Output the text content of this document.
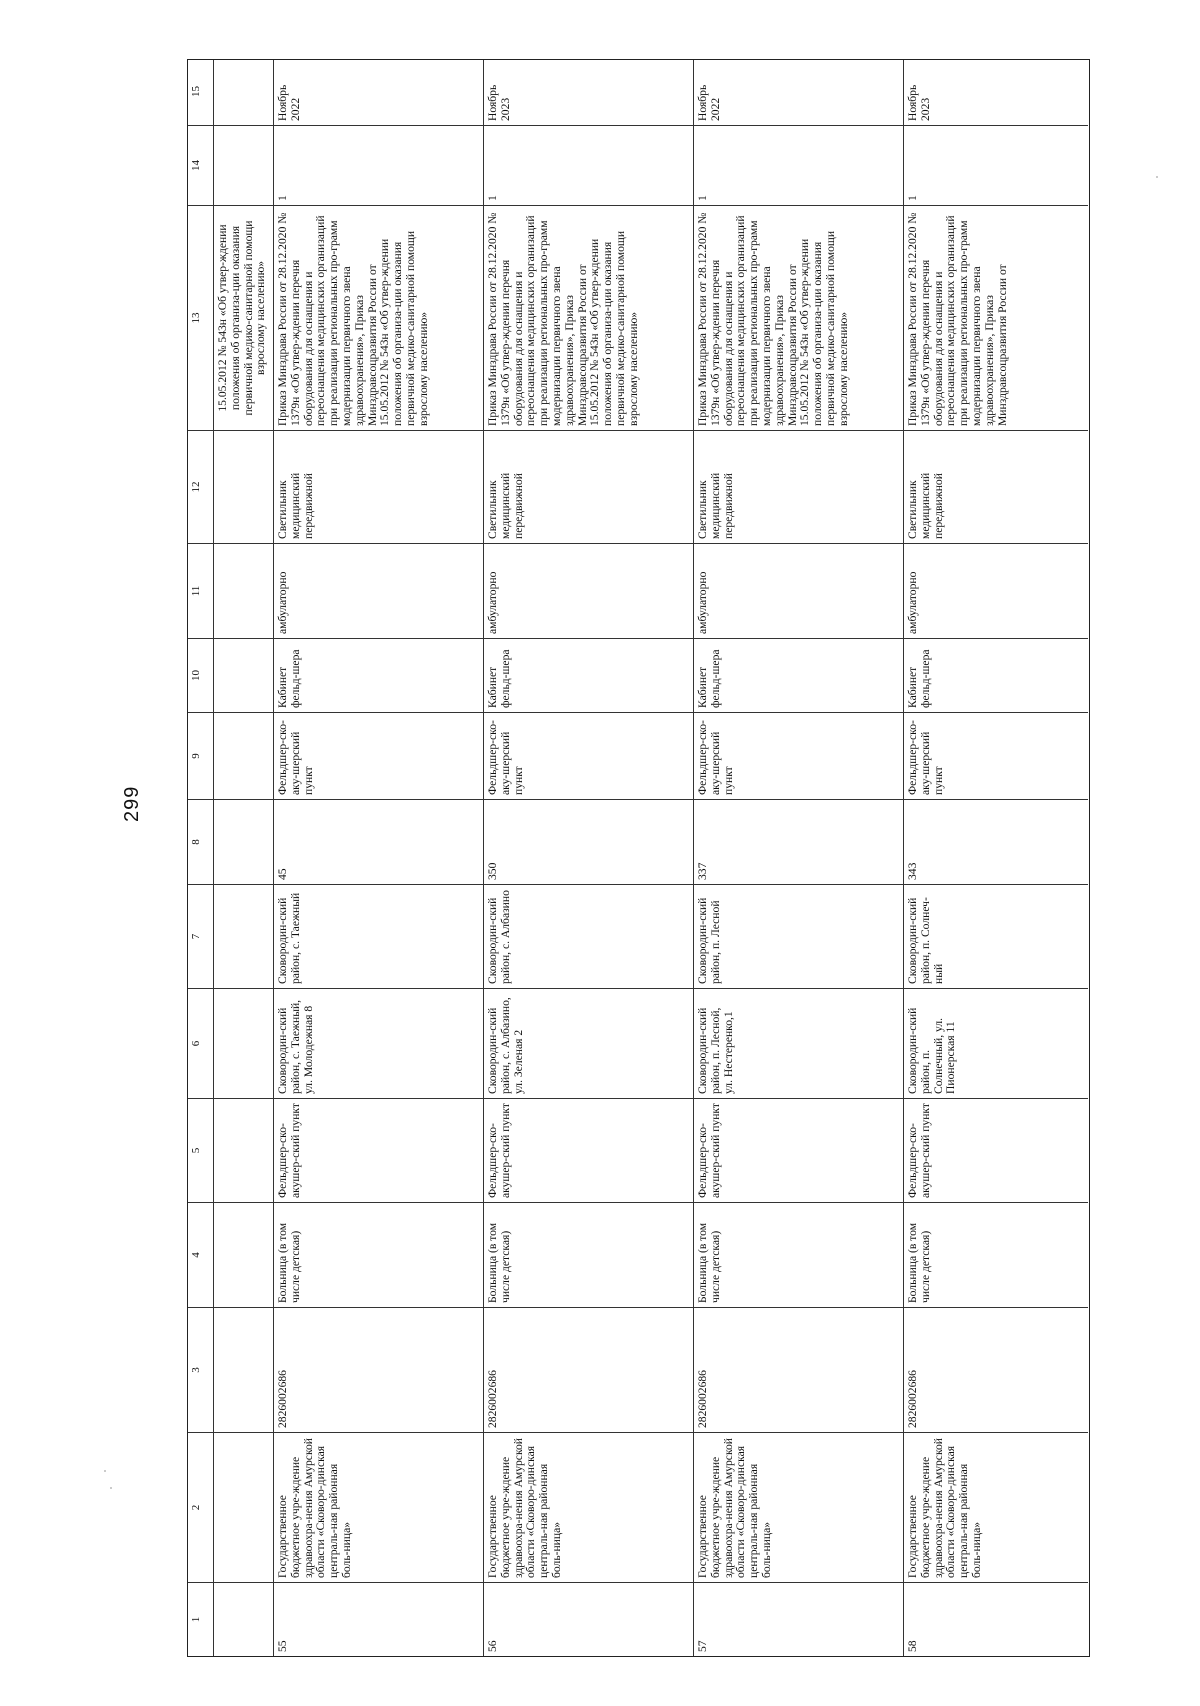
299
1
2
3
4
5
6
7
8
9
10
11
12
13
14
15
15.05.2012 № 543н «Об утвер-ждении положения об организа-ции оказания первичной медико-санитарной помощи взрослому населению»
55
Государственное бюджетное учре-ждение здравоохра-нения Амурской области «Сковоро-динская централь-ная районная боль-ница»
2826002686
Больница (в том числе детская)
Фельдшер-ско-акушер-ский пункт
Сковородин-ский район, с. Таежный, ул. Молодежная 8
Сковородин-ский район, с. Таежный
45
Фельдшер-ско-аку-шерский пункт
Кабинет фельд-шера
амбулаторно
Светильник медицинский передвижной
Приказ Минздрава России от 28.12.2020 № 1379н «Об утвер-ждении перечня оборудования для оснащения и переоснащения медицинских организаций при реализации региональных про-грамм модернизации первичного звена здравоохранения», Приказ Минздравсоцразвития России от 15.05.2012 № 543н «Об утвер-ждении положения об организа-ции оказания первичной медико-санитарной помощи взрослому населению»
1
Ноябрь 2022
56
Государственное бюджетное учре-ждение здравоохра-нения Амурской области «Сковоро-динская централь-ная районная боль-ница»
2826002686
Больница (в том числе детская)
Фельдшер-ско-акушер-ский пункт
Сковородин-ский район, с. Албазино, ул. Зеленая 2
Сковородин-ский район, с. Албазино
350
Фельдшер-ско-аку-шерский пункт
Кабинет фельд-шера
амбулаторно
Светильник медицинский передвижной
Приказ Минздрава России от 28.12.2020 № 1379н «Об утвер-ждении перечня оборудования для оснащения и переоснащения медицинских организаций при реализации региональных про-грамм модернизации первичного звена здравоохранения», Приказ Минздравсоцразвития России от 15.05.2012 № 543н «Об утвер-ждении положения об организа-ции оказания первичной медико-санитарной помощи взрослому населению»
1
Ноябрь 2023
57
Государственное бюджетное учре-ждение здравоохра-нения Амурской области «Сковоро-динская централь-ная районная боль-ница»
2826002686
Больница (в том числе детская)
Фельдшер-ско-акушер-ский пункт
Сковородин-ский район, п. Лесной, ул. Нестеренко,1
Сковородин-ский район, п. Лесной
337
Фельдшер-ско-аку-шерский пункт
Кабинет фельд-шера
амбулаторно
Светильник медицинский передвижной
Приказ Минздрава России от 28.12.2020 № 1379н «Об утвер-ждении перечня оборудования для оснащения и переоснащения медицинских организаций при реализации региональных про-грамм модернизации первичного звена здравоохранения», Приказ Минздравсоцразвития России от 15.05.2012 № 543н «Об утвер-ждении положения об организа-ции оказания первичной медико-санитарной помощи взрослому населению»
1
Ноябрь 2022
58
Государственное бюджетное учре-ждение здравоохра-нения Амурской области «Сковоро-динская централь-ная районная боль-ница»
2826002686
Больница (в том числе детская)
Фельдшер-ско-акушер-ский пункт
Сковородин-ский район, п. Солнечный, ул. Пионерская 11
Сковородин-ский район, п. Солнеч-ный
343
Фельдшер-ско-аку-шерский пункт
Кабинет фельд-шера
амбулаторно
Светильник медицинский передвижной
Приказ Минздрава России от 28.12.2020 № 1379н «Об утвер-ждении перечня оборудования для оснащения и переоснащения медицинских организаций при реализации региональных про-грамм модернизации первичного звена здравоохранения», Приказ Минздравсоцразвития России от
1
Ноябрь 2023
